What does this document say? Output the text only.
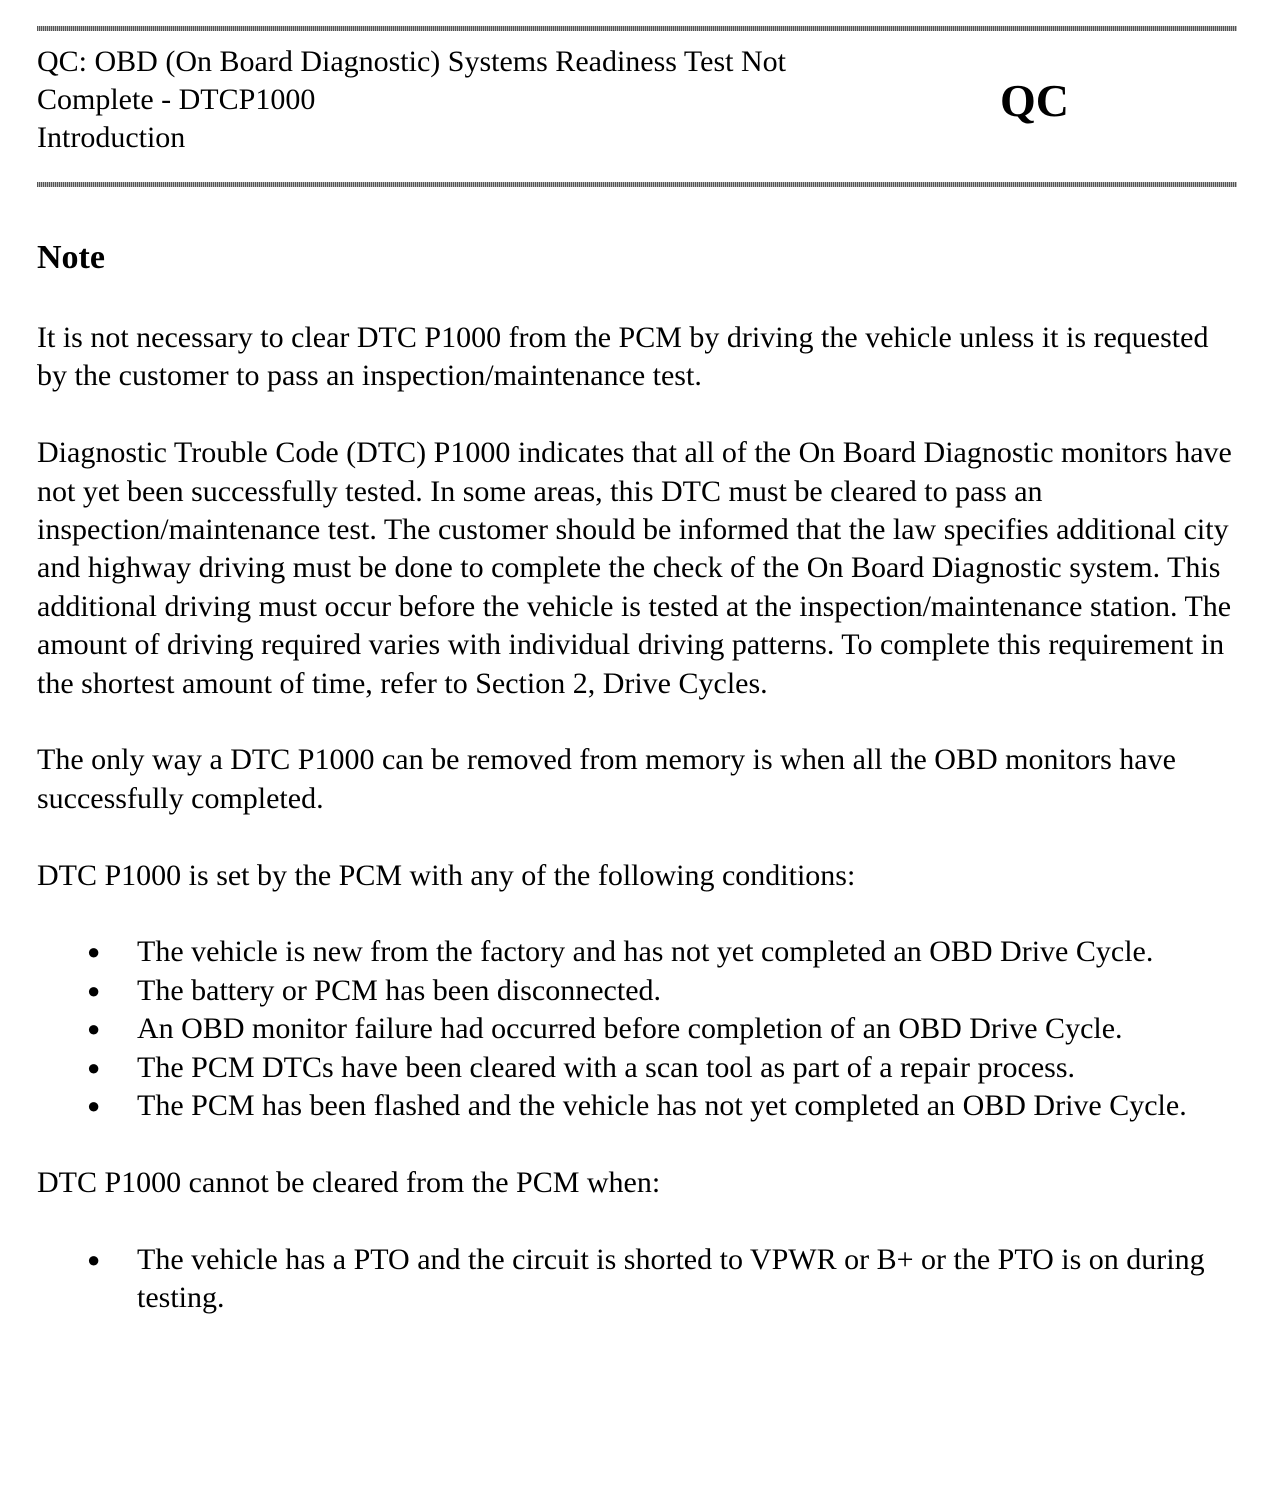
QC: OBD (On Board Diagnostic) Systems Readiness Test Not
Complete - DTCP1000
Introduction
QC
Note

It is not necessary to clear DTC P1000 from the PCM by driving the vehicle unless it is requested by the customer to pass an inspection/maintenance test.

Diagnostic Trouble Code (DTC) P1000 indicates that all of the On Board Diagnostic monitors have not yet been successfully tested. In some areas, this DTC must be cleared to pass an inspection/maintenance test. The customer should be informed that the law specifies additional city and highway driving must be done to complete the check of the On Board Diagnostic system. This additional driving must occur before the vehicle is tested at the inspection/maintenance station. The amount of driving required varies with individual driving patterns. To complete this requirement in the shortest amount of time, refer to Section 2, Drive Cycles.

The only way a DTC P1000 can be removed from memory is when all the OBD monitors have successfully completed.

DTC P1000 is set by the PCM with any of the following conditions:

● The vehicle is new from the factory and has not yet completed an OBD Drive Cycle.
● The battery or PCM has been disconnected.
● An OBD monitor failure had occurred before completion of an OBD Drive Cycle.
● The PCM DTCs have been cleared with a scan tool as part of a repair process.
● The PCM has been flashed and the vehicle has not yet completed an OBD Drive Cycle.

DTC P1000 cannot be cleared from the PCM when:

● The vehicle has a PTO and the circuit is shorted to VPWR or B+ or the PTO is on during testing.
